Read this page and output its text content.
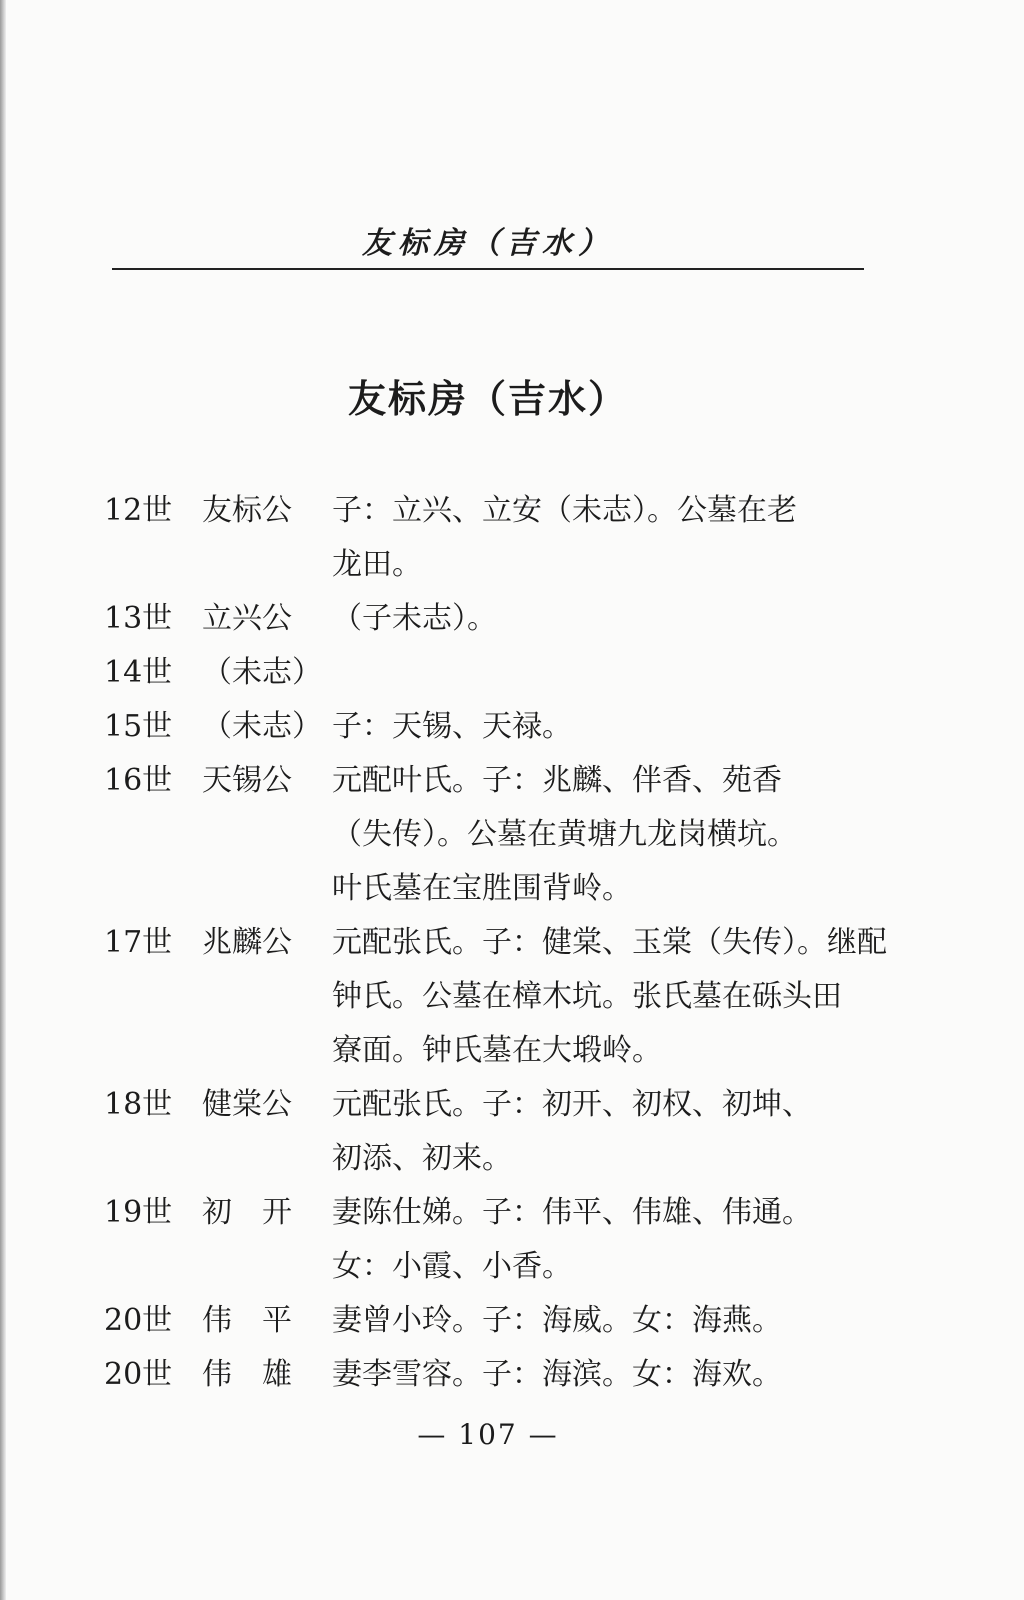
友标房（吉水）
友标房（吉水）
12世 友标公	子：立兴、立安（未志）。公墓在老
龙田。
13世 立兴公	（子未志）。
14世 （未志）
15世 （未志） 子：天锡、天禄。
16世 天锡公	元配叶氏。子：兆麟、伴香、苑香
（失传）。公墓在黄塘九龙岗横坑。
叶氏墓在宝胜围背岭。
17世 兆麟公	元配张氏。子：健棠、玉棠（失传）。继配
钟氏。公墓在樟木坑。张氏墓在砾头田
寮面。钟氏墓在大塅岭。
18世 健棠公	元配张氏。子：初开、初权、初坤、
初添、初来。
19世 初　开	妻陈仕娣。子：伟平、伟雄、伟通。
女：小霞、小香。
20世 伟　平	妻曾小玲。子：海威。女：海燕。
20世 伟　雄	妻李雪容。子：海滨。女：海欢。
— 107 —
